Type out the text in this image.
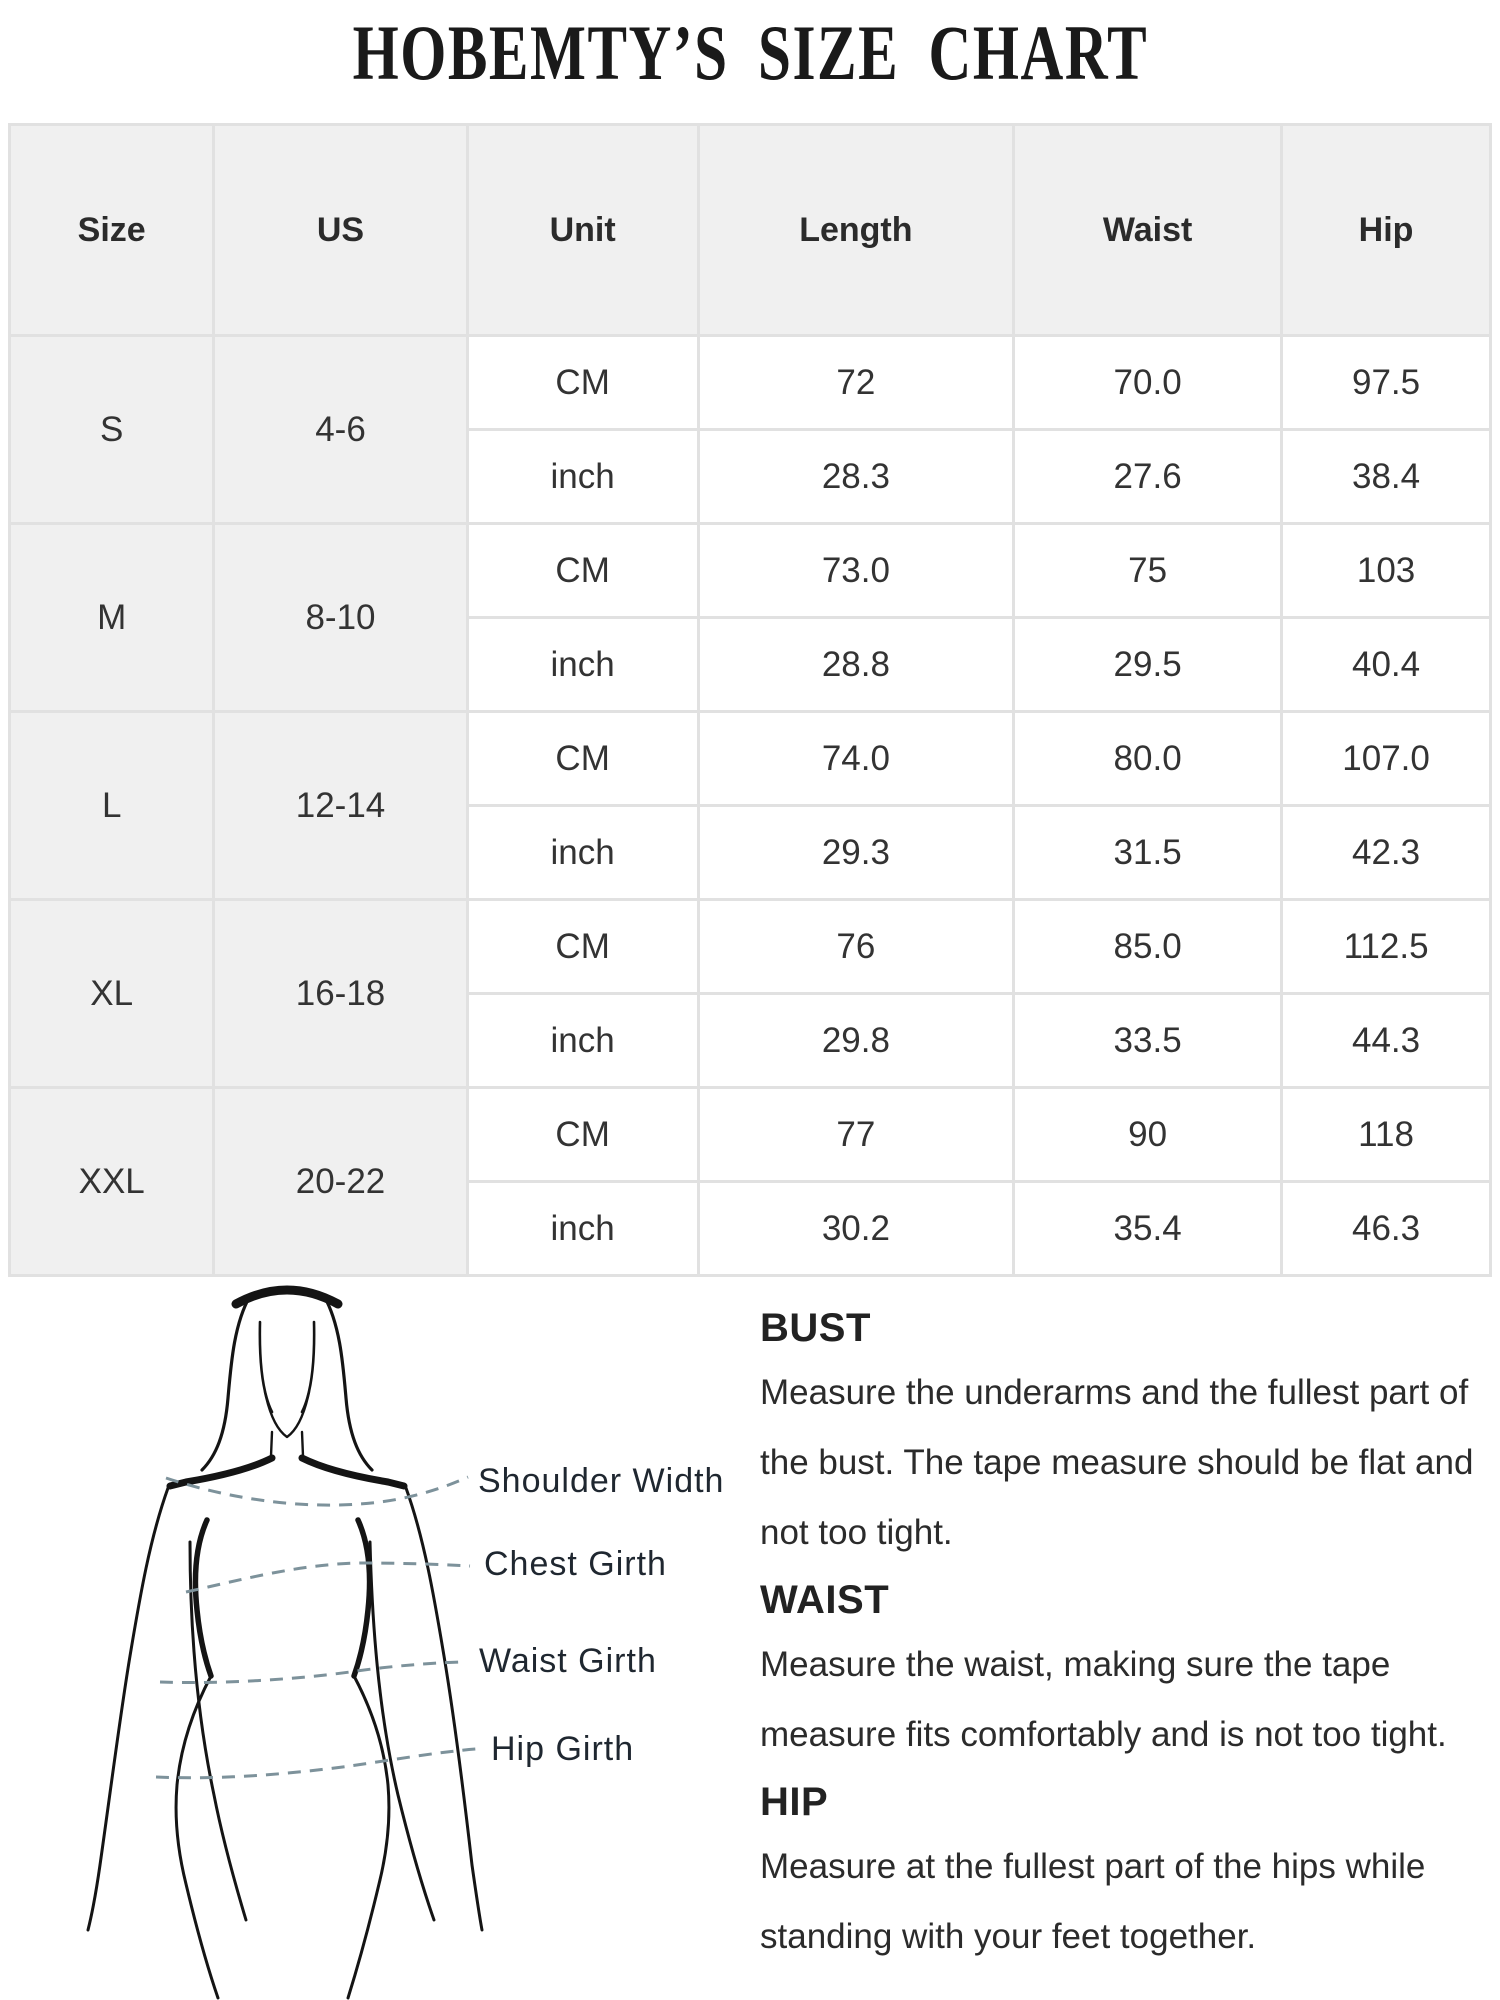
HOBEMTY’S SIZE CHART
Size	US	Unit	Length	Waist	Hip
S	4-6	CM	72	70.0	97.5
		inch	28.3	27.6	38.4
M	8-10	CM	73.0	75	103
		inch	28.8	29.5	40.4
L	12-14	CM	74.0	80.0	107.0
		inch	29.3	31.5	42.3
XL	16-18	CM	76	85.0	112.5
		inch	29.8	33.5	44.3
XXL	20-22	CM	77	90	118
		inch	30.2	35.4	46.3
Shoulder Width
Chest Girth
Waist Girth
Hip Girth
BUST

Measure the underarms and the fullest part of the bust. The tape measure should be flat and not too tight.

WAIST

Measure the waist, making sure the tape measure fits comfortably and is not too tight.

HIP

Measure at the fullest part of the hips while standing with your feet together.
